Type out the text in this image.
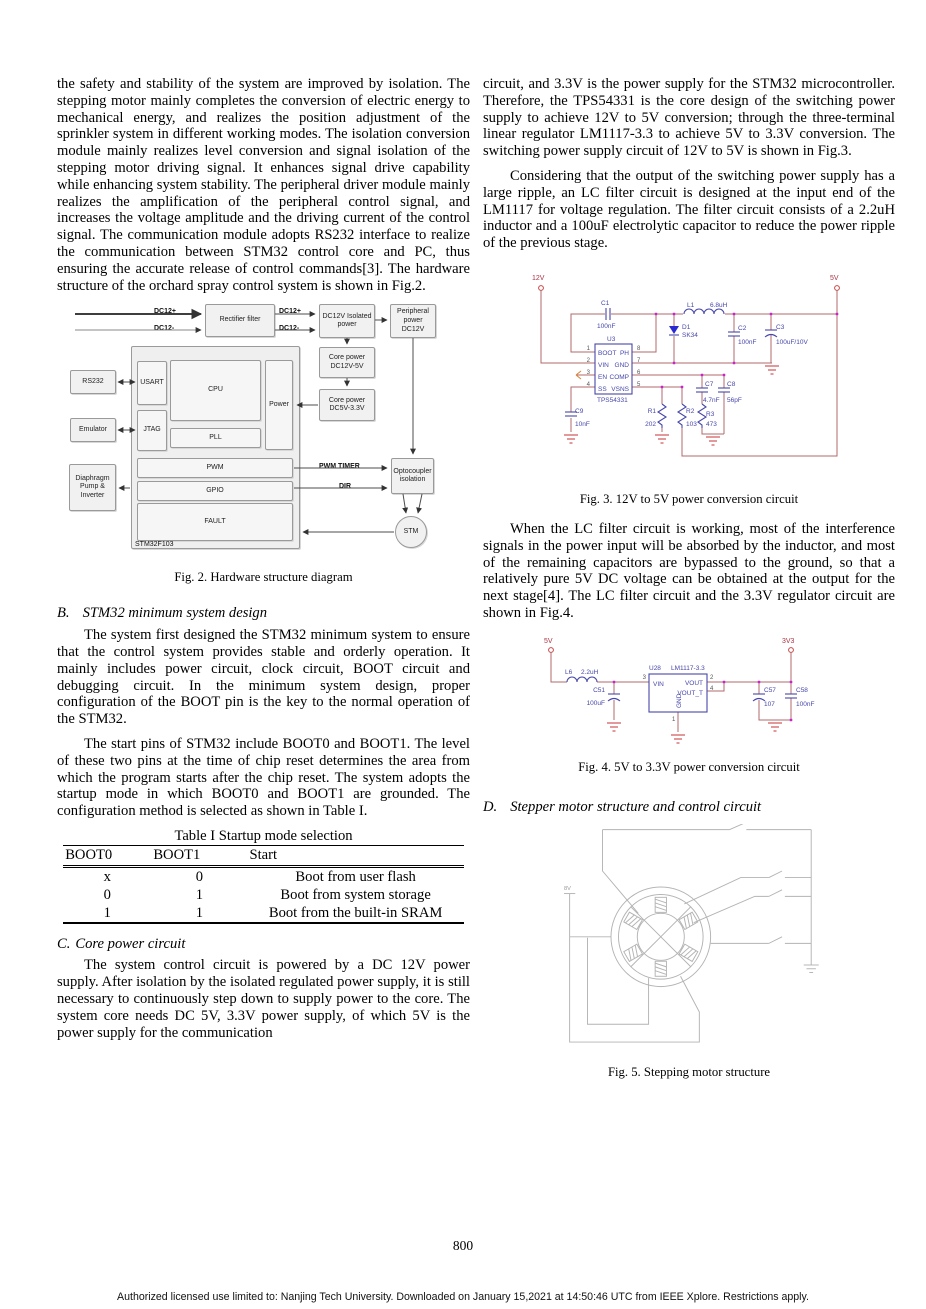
the safety and stability of the system are improved by isolation. The stepping motor mainly completes the conversion of electric energy to mechanical energy, and realizes the position adjustment of the sprinkler system in different working modes. The isolation conversion module mainly realizes level conversion and signal isolation of the stepping motor driving signal. It enhances signal drive capability while enhancing system stability. The peripheral driver module mainly realizes the amplification of the peripheral control signal, and increases the voltage amplitude and the driving current of the control signal. The communication module adopts RS232 interface to realize the communication between STM32 control core and PC, thus ensuring the accurate release of control commands[3]. The hardware structure of the orchard spray control system is shown in Fig.2.

Rectifier filter
DC12V Isolated power
Peripheral power DC12V
Core power DC12V-5V
Core power DC5V-3.3V
USART
CPU
Power
JTAG
PLL
PWM
GPIO
FAULT
RS232
Emulator
Diaphragm Pump & Inverter
Optocoupler isolation
STM
DC12+
DC12-
DC12+
DC12-
PWM TIMER
DIR
STM32F103
Fig. 2. Hardware structure diagram
B. STM32 minimum system design

The system first designed the STM32 minimum system to ensure that the control system provides stable and orderly operation. It mainly includes power circuit, clock circuit, BOOT circuit and debugging circuit. In the minimum system design, proper configuration of the BOOT pin is the key to the normal operation of the STM32.

The start pins of STM32 include BOOT0 and BOOT1. The level of these two pins at the time of chip reset determines the area from which the program starts after the chip reset. The system adopts the startup mode in which BOOT0 and BOOT1 are grounded. The configuration method is selected as shown in Table I.

Table I Startup mode selection
BOOT0	BOOT1	Start
x	0	Boot from user flash
0	1	Boot from system storage
1	1	Boot from the built-in SRAM
C. Core power circuit

The system control circuit is powered by a DC 12V power supply. After isolation by the isolated regulated power supply, it is still necessary to continuously step down to supply power to the core. The system core needs DC 5V, 3.3V power supply, of which 5V is the power supply for the communication

circuit, and 3.3V is the power supply for the STM32 microcontroller. Therefore, the TPS54331 is the core design of the switching power supply to achieve 12V to 5V conversion; through the three-terminal linear regulator LM1117-3.3 to achieve 5V to 3.3V conversion. The switching power supply circuit of 12V to 5V is shown in Fig.3.

Considering that the output of the switching power supply has a large ripple, an LC filter circuit is designed at the input end of the LM1117 for voltage regulation. The filter circuit consists of a 2.2uH inductor and a 100uF electrolytic capacitor to reduce the power ripple of the previous stage.

12V	5V
U3
TPS54331
BOOT
VIN
EN
SS
PH
GND
COMP
VSNS
1
2
3
4
8
7
6
5
C1
100nF
L1 6.8uH
D1
SK34
C2
100nF
C3
100uF/10V
C9
10nF
R1
202
R2
103
R3
473
C7
4.7nF
C8
56pF
Fig. 3. 12V to 5V power conversion circuit

When the LC filter circuit is working, most of the interference signals in the power input will be absorbed by the inductor, and most of the remaining capacitors are bypassed to the ground, so that a relatively pure 5V DC voltage can be obtained at the output for the next stage[4]. The LC filter circuit and the 3.3V regulator circuit are shown in Fig.4.

5V	3V3
L6 2.2uH
C51
100uF
U28 LM1117-3.3
VIN	VOUT
VOUT_T
GND
3	2
4
1
C57
107
C58
100nF
Fig. 4. 5V to 3.3V power conversion circuit
D. Stepper motor structure and control circuit
8V
Fig. 5. Stepping motor structure
800
Authorized licensed use limited to: Nanjing Tech University. Downloaded on January 15,2021 at 14:50:46 UTC from IEEE Xplore. Restrictions apply.
